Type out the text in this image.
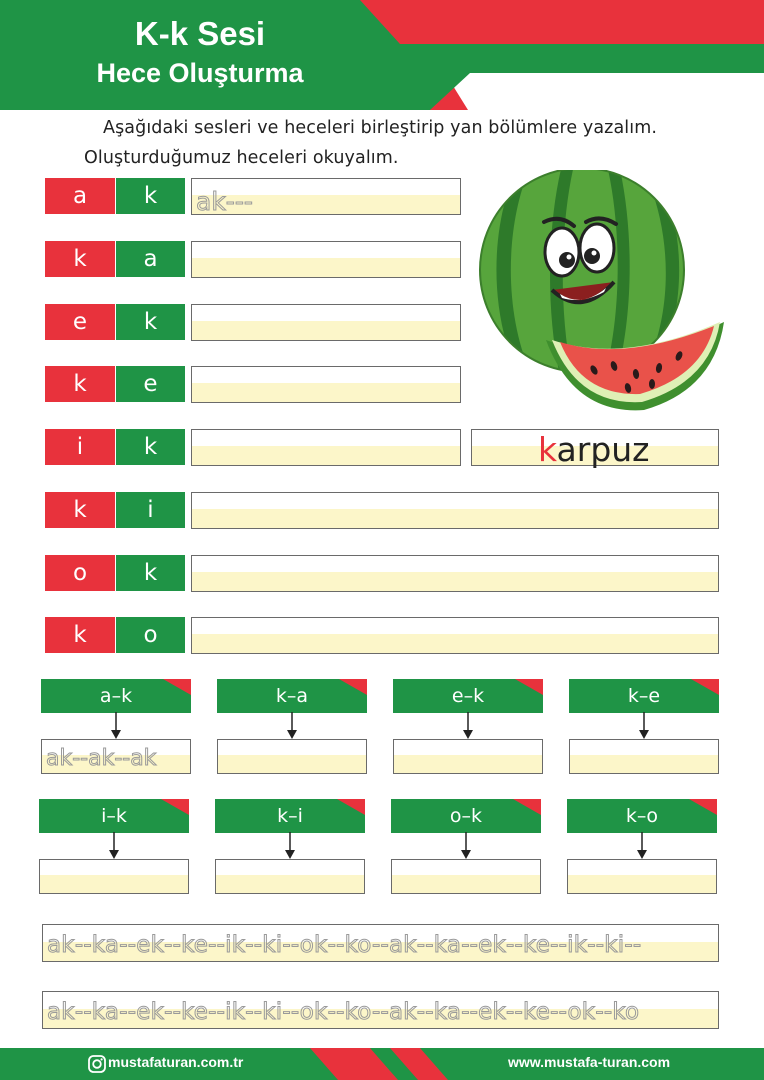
K-k Sesi
Hece Oluşturma
Aşağıdaki sesleri ve heceleri birleştirip yan bölümlere yazalım.
Oluşturduğumuz heceleri okuyalım.
a	k
k	a
e	k
k	e
i	k
k	i
o	k
k	o
ak---
karpuz
a–k	k–a	e–k	k–e
ak--ak--ak
i–k	k–i	o–k	k–o
ak--ka--ek--ke--ik--ki--ok--ko--ak--ka--ek--ke--ik--ki--
ak--ka--ek--ke--ik--ki--ok--ko--ak--ka--ek--ke--ok--ko
mustafaturan.com.tr	www.mustafa-turan.com
